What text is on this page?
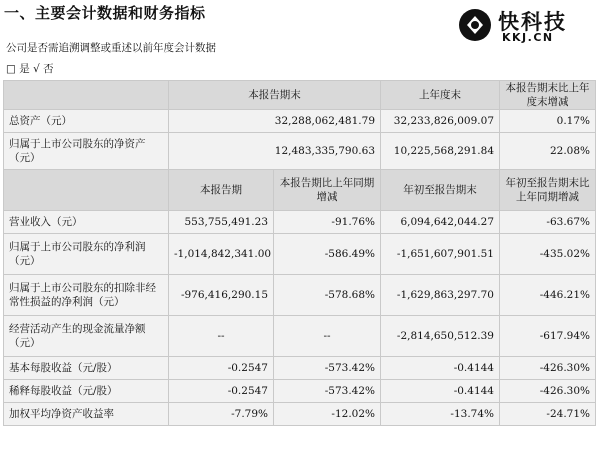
一、主要会计数据和财务指标	快科技
KKJ.CN
公司是否需追溯调整或重述以前年度会计数据
□ 是 √ 否
	本报告期末		上年度末	本报告期末比上年度末增减
总资产（元）	32,288,062,481.79		32,233,826,009.07	0.17%
归属于上市公司股东的净资产（元）	12,483,335,790.63		10,225,568,291.84	22.08%
	本报告期	本报告期比上年同期增减	年初至报告期末	年初至报告期末比上年同期增减
营业收入（元）	553,755,491.23	-91.76%	6,094,642,044.27	-63.67%
归属于上市公司股东的净利润（元）	-1,014,842,341.00	-586.49%	-1,651,607,901.51	-435.02%
归属于上市公司股东的扣除非经常性损益的净利润（元）	-976,416,290.15	-578.68%	-1,629,863,297.70	-446.21%
经营活动产生的现金流量净额（元）	--	--	-2,814,650,512.39	-617.94%
基本每股收益（元/股）	-0.2547	-573.42%	-0.4144	-426.30%
稀释每股收益（元/股）	-0.2547	-573.42%	-0.4144	-426.30%
加权平均净资产收益率	-7.79%	-12.02%	-13.74%	-24.71%
